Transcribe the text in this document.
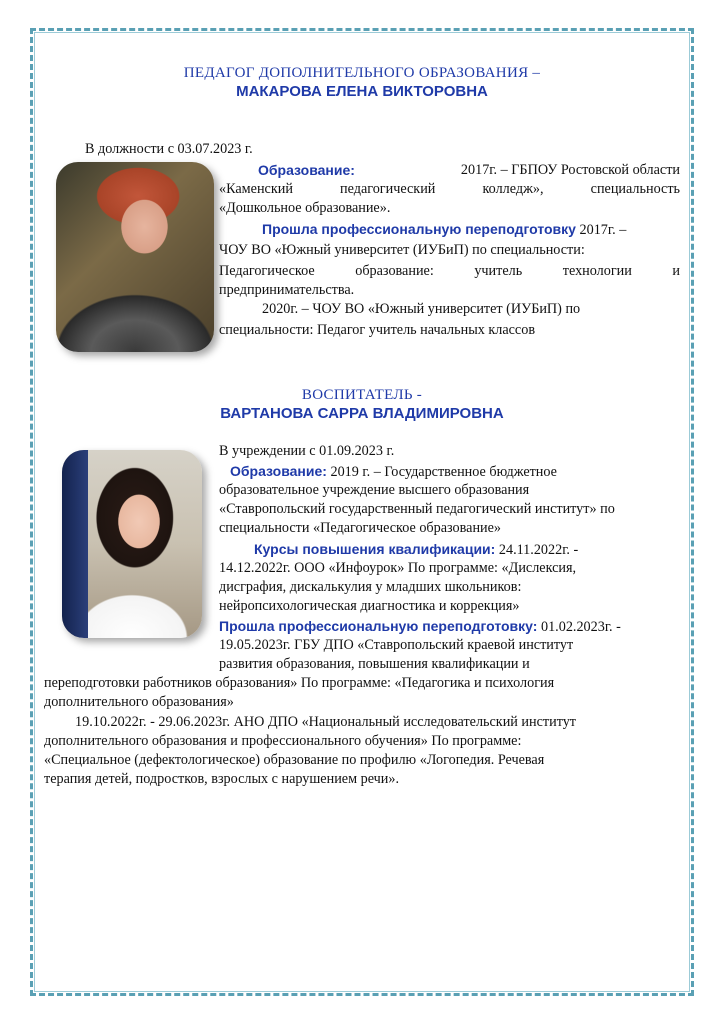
ПЕДАГОГ ДОПОЛНИТЕЛЬНОГО ОБРАЗОВАНИЯ –
МАКАРОВА ЕЛЕНА ВИКТОРОВНА
В должности с 03.07.2023 г.
Образование:	2017г. – ГБПОУ Ростовской области
«Каменский педагогический колледж», специальность
«Дошкольное образование».
Прошла профессиональную переподготовку 2017г. –
ЧОУ ВО «Южный университет (ИУБиП) по специальности:
Педагогическое образование: учитель технологии и
предпринимательства.
2020г. – ЧОУ ВО «Южный университет (ИУБиП) по
специальности: Педагог учитель начальных классов
ВОСПИТАТЕЛЬ -
ВАРТАНОВА САРРА ВЛАДИМИРОВНА
В учреждении с 01.09.2023 г.
Образование: 2019 г. – Государственное бюджетное
образовательное учреждение высшего образования
«Ставропольский государственный педагогический институт» по
специальности «Педагогическое образование»
Курсы повышения квалификации: 24.11.2022г. -
14.12.2022г. ООО «Инфоурок» По программе: «Дислексия,
дисграфия, дискалькулия у младших школьников:
нейропсихологическая диагностика и коррекция»
Прошла профессиональную переподготовку: 01.02.2023г. -
19.05.2023г. ГБУ ДПО «Ставропольский краевой институт
развития образования, повышения квалификации и
переподготовки работников образования» По программе: «Педагогика и психология
дополнительного образования»
19.10.2022г. - 29.06.2023г. АНО ДПО «Национальный исследовательский институт
дополнительного образования и профессионального обучения» По программе:
«Специальное (дефектологическое) образование по профилю «Логопедия. Речевая
терапия детей, подростков, взрослых с нарушением речи».
